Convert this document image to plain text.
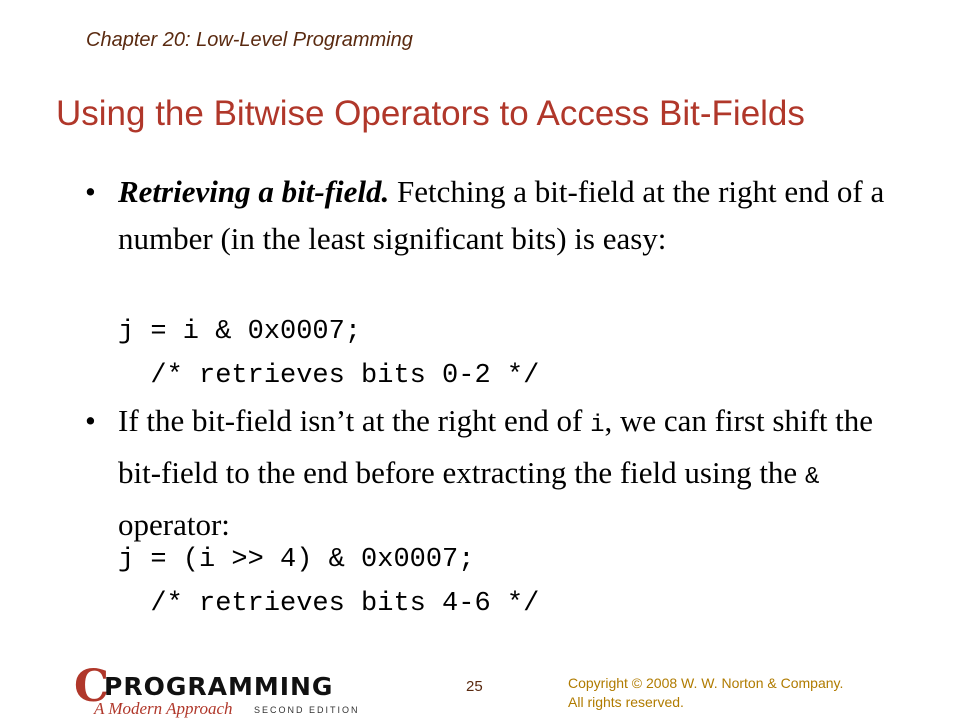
Chapter 20: Low-Level Programming
Using the Bitwise Operators to Access Bit-Fields
• Retrieving a bit-field. Fetching a bit-field at the right end of a number (in the least significant bits) is easy:
j = i & 0x0007;
/* retrieves bits 0-2 */
• If the bit-field isn’t at the right end of i, we can first shift the bit-field to the end before extracting the field using the & operator:
j = (i >> 4) & 0x0007;
/* retrieves bits 4-6 */
C
PROGRAMMING
A Modern Approach SECOND EDITION
25	Copyright © 2008 W. W. Norton & Company.
All rights reserved.
